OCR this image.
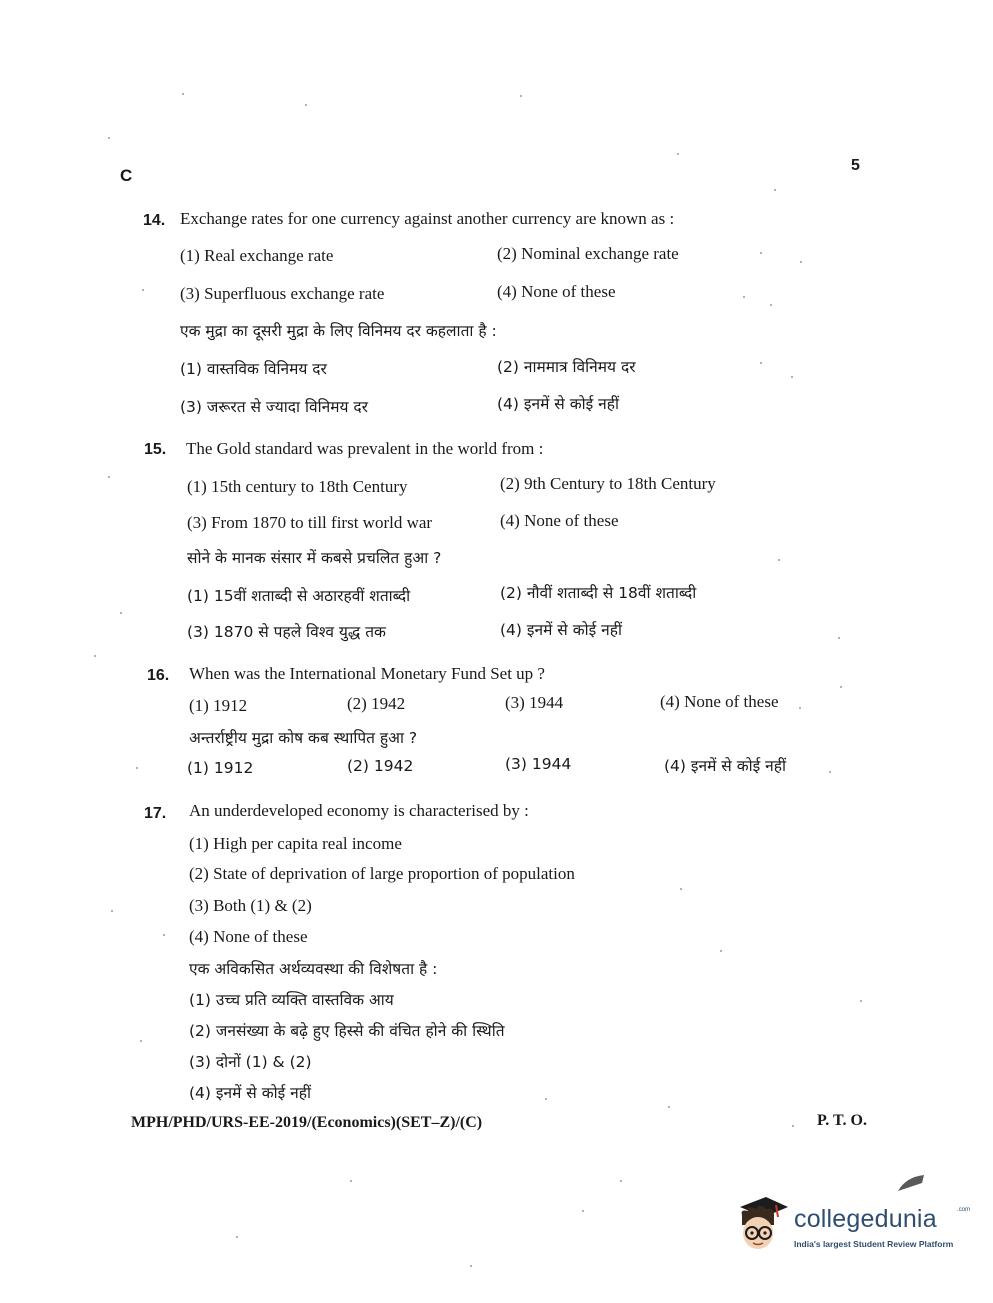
C
5
14. Exchange rates for one currency against another currency are known as :
(1) Real exchange rate	(2) Nominal exchange rate
(3) Superfluous exchange rate	(4) None of these
एक मुद्रा का दूसरी मुद्रा के लिए विनिमय दर कहलाता है :
(1) वास्तविक विनिमय दर	(2) नाममात्र विनिमय दर
(3) जरूरत से ज्यादा विनिमय दर	(4) इनमें से कोई नहीं
15. The Gold standard was prevalent in the world from :
(1) 15th century to 18th Century	(2) 9th Century to 18th Century
(3) From 1870 to till first world war	(4) None of these
सोने के मानक संसार में कबसे प्रचलित हुआ ?
(1) 15वीं शताब्दी से अठारहवीं शताब्दी	(2) नौवीं शताब्दी से 18वीं शताब्दी
(3) 1870 से पहले विश्व युद्ध तक	(4) इनमें से कोई नहीं
16. When was the International Monetary Fund Set up ?
(1) 1912	(2) 1942	(3) 1944	(4) None of these
अन्तर्राष्ट्रीय मुद्रा कोष कब स्थापित हुआ ?
(1) 1912	(2) 1942	(3) 1944	(4) इनमें से कोई नहीं
17. An underdeveloped economy is characterised by :
(1) High per capita real income
(2) State of deprivation of large proportion of population
(3) Both (1) & (2)
(4) None of these
एक अविकसित अर्थव्यवस्था की विशेषता है :
(1) उच्च प्रति व्यक्ति वास्तविक आय
(2) जनसंख्या के बढ़े हुए हिस्से की वंचित होने की स्थिति
(3) दोनों (1) & (2)
(4) इनमें से कोई नहीं
MPH/PHD/URS-EE-2019/(Economics)(SET–Z)/(C)	P. T. O.
collegedunia	.com
India's largest Student Review Platform
